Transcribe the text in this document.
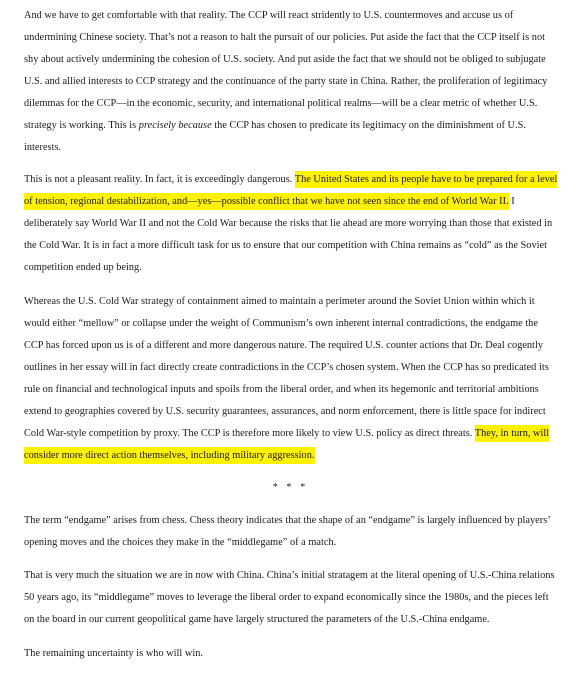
And we have to get comfortable with that reality. The CCP will react stridently to U.S. countermoves and accuse us of undermining Chinese society. That’s not a reason to halt the pursuit of our policies. Put aside the fact that the CCP itself is not shy about actively undermining the cohesion of U.S. society. And put aside the fact that we should not be obliged to subjugate U.S. and allied interests to CCP strategy and the continuance of the party state in China. Rather, the proliferation of legitimacy dilemmas for the CCP—in the economic, security, and international political realms—will be a clear metric of whether U.S. strategy is working. This is precisely because the CCP has chosen to predicate its legitimacy on the diminishment of U.S. interests.

This is not a pleasant reality. In fact, it is exceedingly dangerous. The United States and its people have to be prepared for a level of tension, regional destabilization, and—yes—possible conflict that we have not seen since the end of World War II. I deliberately say World War II and not the Cold War because the risks that lie ahead are more worrying than those that existed in the Cold War. It is in fact a more difficult task for us to ensure that our competition with China remains as “cold” as the Soviet competition ended up being.

Whereas the U.S. Cold War strategy of containment aimed to maintain a perimeter around the Soviet Union within which it would either “mellow” or collapse under the weight of Communism’s own inherent internal contradictions, the endgame the CCP has forced upon us is of a different and more dangerous nature. The required U.S. counter actions that Dr. Deal cogently outlines in her essay will in fact directly create contradictions in the CCP’s chosen system. When the CCP has so predicated its rule on financial and technological inputs and spoils from the liberal order, and when its hegemonic and territorial ambitions extend to geographies covered by U.S. security guarantees, assurances, and norm enforcement, there is little space for indirect Cold War-style competition by proxy. The CCP is therefore more likely to view U.S. policy as direct threats. They, in turn, will consider more direct action themselves, including military aggression.

* * *

The term “endgame” arises from chess. Chess theory indicates that the shape of an “endgame” is largely influenced by players’ opening moves and the choices they make in the “middlegame” of a match.

That is very much the situation we are in now with China. China’s initial stratagem at the literal opening of U.S.-China relations 50 years ago, its “middlegame” moves to leverage the liberal order to expand economically since the 1980s, and the pieces left on the board in our current geopolitical game have largely structured the parameters of the U.S.-China endgame.

The remaining uncertainty is who will win.
